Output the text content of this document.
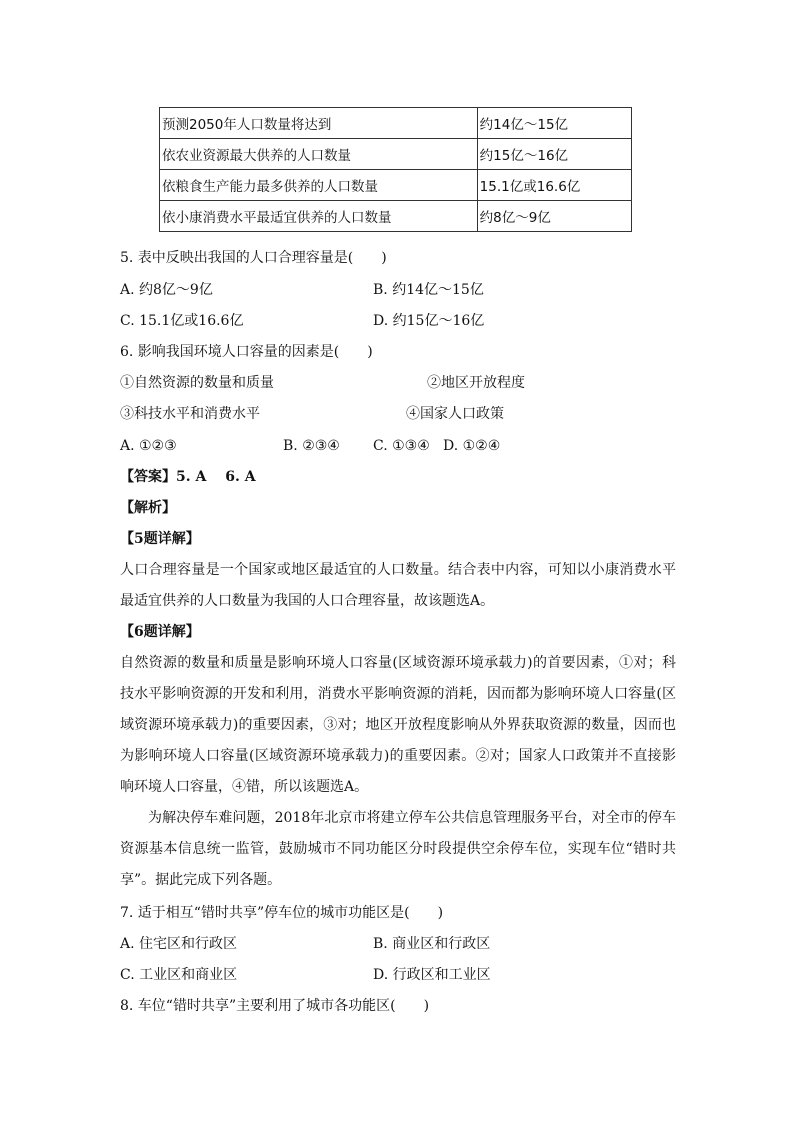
预测2050年人口数量将达到	约14亿～15亿
依农业资源最大供养的人口数量	约15亿～16亿
依粮食生产能力最多供养的人口数量	15.1亿或16.6亿
依小康消费水平最适宜供养的人口数量	约8亿～9亿
5. 表中反映出我国的人口合理容量是(　　)
A. 约8亿～9亿	B. 约14亿～15亿
C. 15.1亿或16.6亿	D. 约15亿～16亿
6. 影响我国环境人口容量的因素是(　　)
①自然资源的数量和质量	②地区开放程度
③科技水平和消费水平	④国家人口政策
A. ①②③	B. ②③④ C. ①③④ D. ①②④
【答案】5. A　 6. A
【解析】
【5题详解】
人口合理容量是一个国家或地区最适宜的人口数量。结合表中内容，可知以小康消费水平最适宜供养的人口数量为我国的人口合理容量，故该题选A。
【6题详解】
自然资源的数量和质量是影响环境人口容量(区域资源环境承载力)的首要因素，①对；科技水平影响资源的开发和利用，消费水平影响资源的消耗，因而都为影响环境人口容量(区域资源环境承载力)的重要因素，③对；地区开放程度影响从外界获取资源的数量，因而也为影响环境人口容量(区域资源环境承载力)的重要因素。②对；国家人口政策并不直接影响环境人口容量，④错，所以该题选A。
为解决停车难问题，2018年北京市将建立停车公共信息管理服务平台，对全市的停车资源基本信息统一监管，鼓励城市不同功能区分时段提供空余停车位，实现车位“错时共享”。据此完成下列各题。
7. 适于相互“错时共享”停车位的城市功能区是(　　)
A. 住宅区和行政区	B. 商业区和行政区
C. 工业区和商业区	D. 行政区和工业区
8. 车位“错时共享”主要利用了城市各功能区(　　)
